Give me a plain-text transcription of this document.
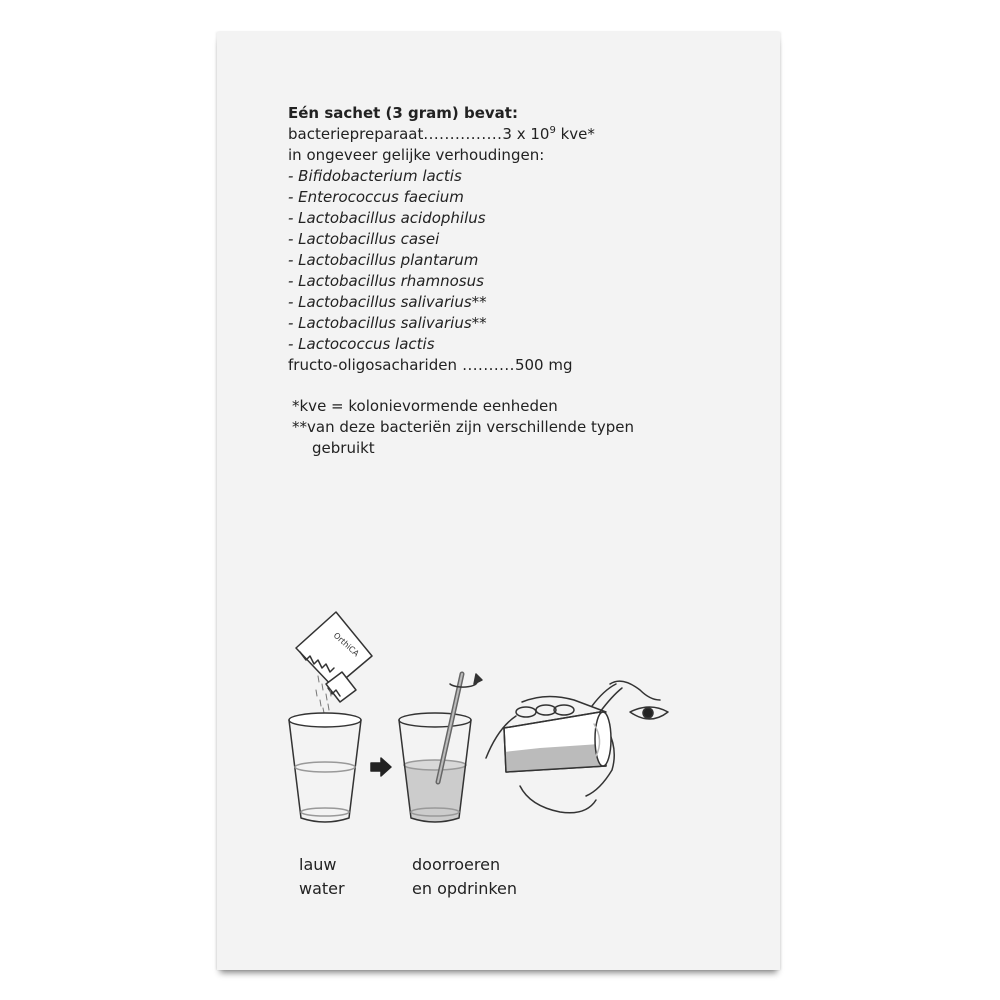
Eén sachet (3 gram) bevat:
bacteriepreparaat...............3 x $10^9$ kve*
in ongeveer gelijke verhoudingen:
- Bifidobacterium lactis
- Enterococcus faecium
- Lactobacillus acidophilus
- Lactobacillus casei
- Lactobacillus plantarum
- Lactobacillus rhamnosus
- Lactobacillus salivarius**
- Lactobacillus salivarius**
- Lactococcus lactis
fructo-oligosachariden ..........500 mg
*kve = kolonievormende eenheden
**van deze bacteriën zijn verschillende typen
gebruikt
OrthiCA
lauw
water
doorroeren
en opdrinken
